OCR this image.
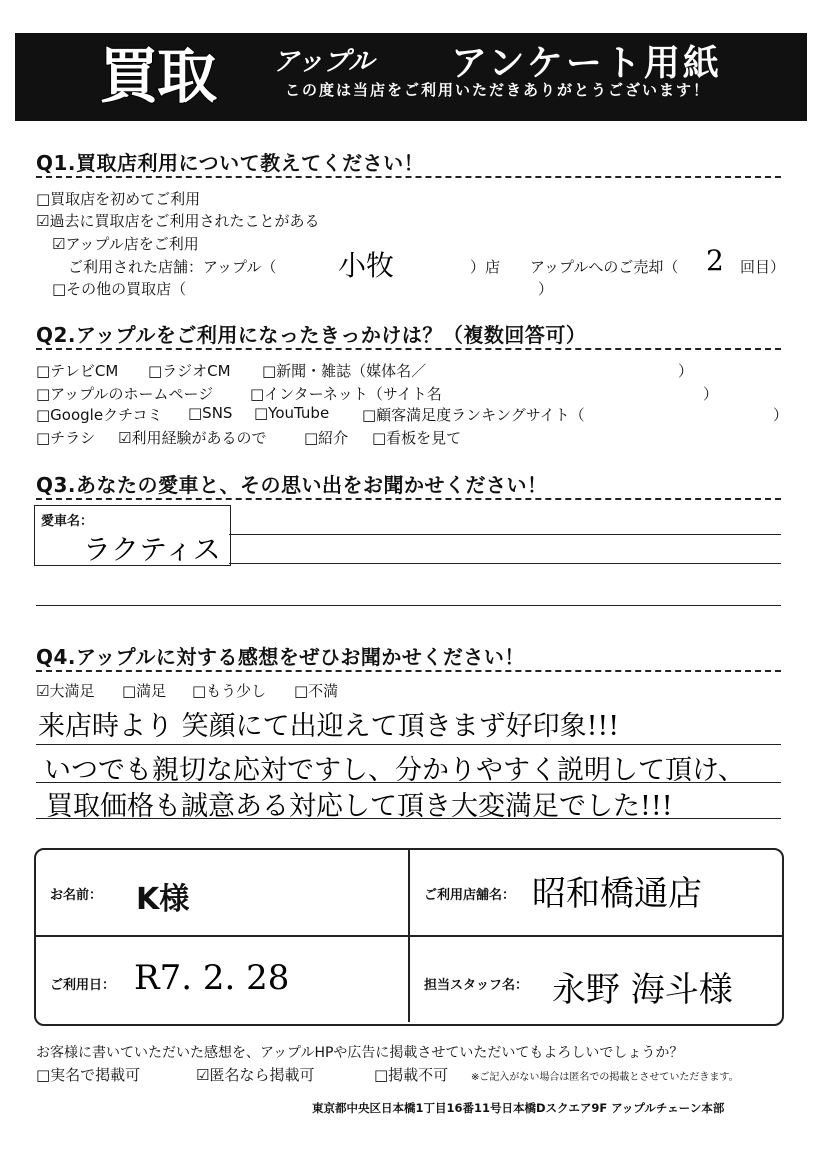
買取 アップル アンケート用紙
この度は当店をご利用いただきありがとうございます！
Q1.買取店利用について教えてください！
□買取店を初めてご利用
☑過去に買取店をご利用されたことがある
☑アップル店をご利用
ご利用された店舗：アップル（ 小牧	）店 アップルへのご売却（ 2 回目）
□その他の買取店（	）
Q2.アップルをご利用になったきっかけは？（複数回答可）
□テレビCM □ラジオCM □新聞・雑誌（媒体名／	）
□アップルのホームページ □インターネット（サイト名	）
□Googleクチコミ □SNS □YouTube □顧客満足度ランキングサイト（	）
□チラシ ☑利用経験があるので	□紹介 □看板を見て
Q3.あなたの愛車と、その思い出をお聞かせください！
愛車名：
ラクティス
Q4.アップルに対する感想をぜひお聞かせください！
☑大満足 □満足 □もう少し □不満
来店時より 笑顔にて出迎えて頂きまず好印象!!!
いつでも親切な応対ですし、分かりやすく説明して頂け、
買取価格も誠意ある対応して頂き大変満足でした!!!
お名前： K様	ご利用店舗名： 昭和橋通店
ご利用日： R7. 2. 28	担当スタッフ名： 永野 海斗様
お客様に書いていただいた感想を、アップルHPや広告に掲載させていただいてもよろしいでしょうか？
□実名で掲載可	☑匿名なら掲載可	□掲載不可 ※ご記入がない場合は匿名での掲載とさせていただきます。
東京都中央区日本橋1丁目16番11号日本橋Dスクエア9F アップルチェーン本部
